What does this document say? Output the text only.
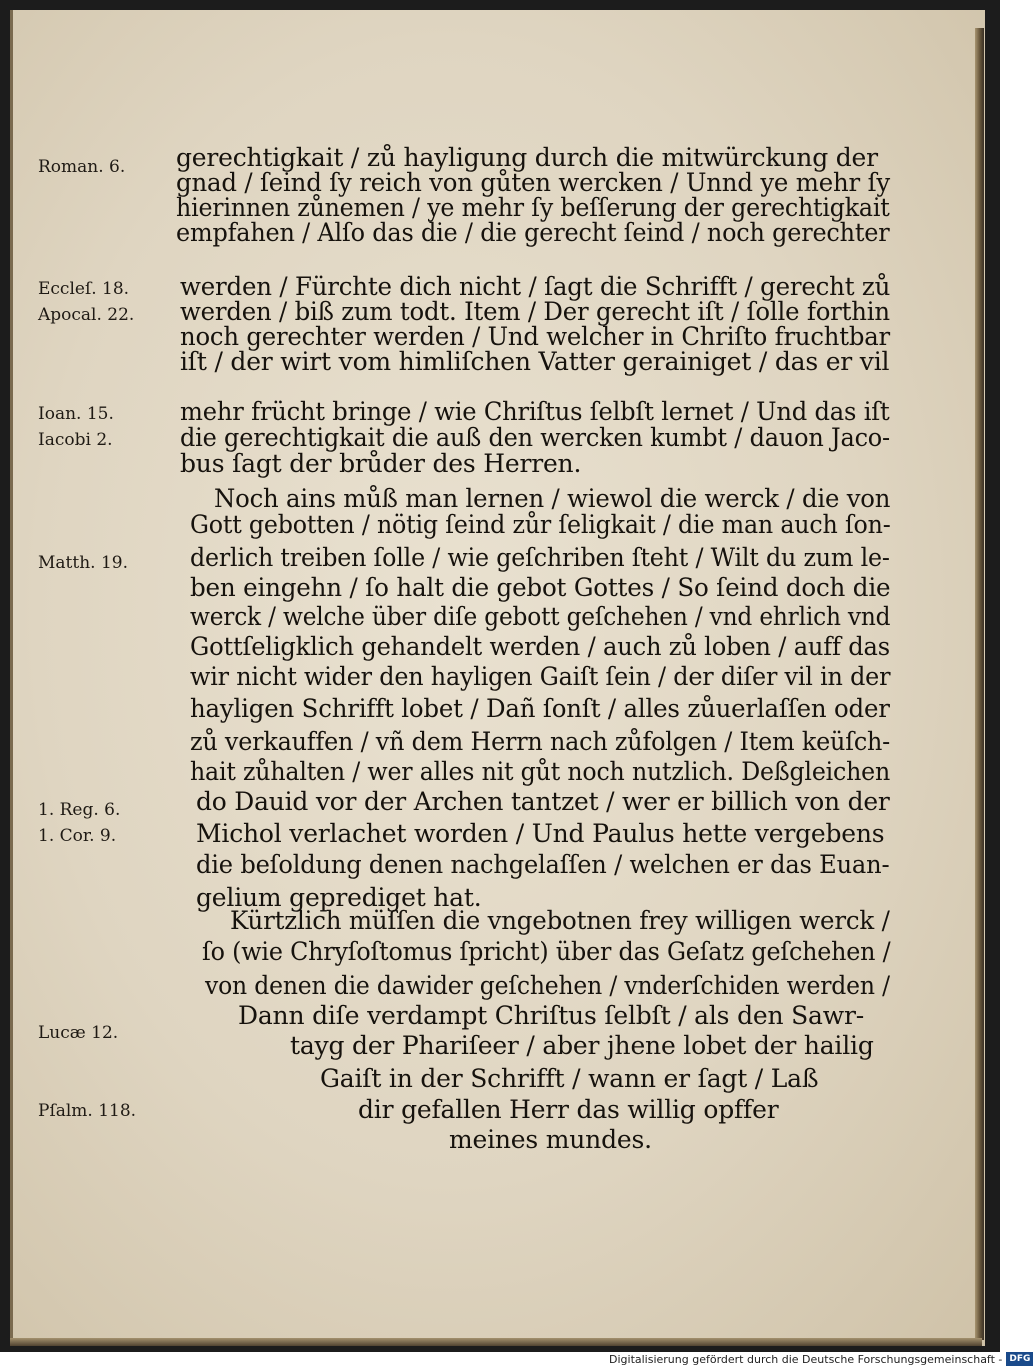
Roman. 6.
Eccleſ. 18.
Apocal. 22.
Ioan. 15.
Iacobi 2.
Matth. 19.
1. Reg. 6.
1. Cor. 9.
Lucæ 12.
Pſalm. 118.
gerechtigkait / zů hayligung durch die mitwürckung der
gnad / ſeind ſy reich von gůten wercken / Unnd ye mehr ſy
hierinnen zůnemen / ye mehr ſy beſſerung der gerechtigkait
empfahen / Alſo das die / die gerecht ſeind / noch gerechter
werden / Fürchte dich nicht / ſagt die Schrifft / gerecht zů
werden / biß zum todt. Item / Der gerecht iſt / ſolle forthin
noch gerechter werden / Und welcher in Chriſto fruchtbar
iſt / der wirt vom himliſchen Vatter gerainiget / das er vil
mehr frücht bringe / wie Chriſtus ſelbſt lernet / Und das iſt
die gerechtigkait die auß den wercken kumbt / dauon Jaco-
bus ſagt der brůder des Herren.
Noch ains můß man lernen / wiewol die werck / die von
Gott gebotten / nötig ſeind zůr ſeligkait / die man auch ſon-
derlich treiben ſolle / wie geſchriben ſteht / Wilt du zum le-
ben eingehn / ſo halt die gebot Gottes / So ſeind doch die
werck / welche über diſe gebott geſchehen / vnd ehrlich vnd
Gottſeligklich gehandelt werden / auch zů loben / auff das
wir nicht wider den hayligen Gaiſt ſein / der diſer vil in der
hayligen Schrifft lobet / Dañ ſonſt / alles zůuerlaſſen oder
zů verkauffen / vñ dem Herrn nach zůfolgen / Item keüſch-
hait zůhalten / wer alles nit gůt noch nutzlich. Deßgleichen
do Dauid vor der Archen tantzet / wer er billich von der
Michol verlachet worden / Und Paulus hette vergebens
die beſoldung denen nachgelaſſen / welchen er das Euan-
gelium geprediget hat.
Kürtzlich müſſen die vngebotnen frey willigen werck /
ſo (wie Chryſoſtomus ſpricht) über das Geſatz geſchehen /
von denen die dawider geſchehen / vnderſchiden werden /
Dann diſe verdampt Chriſtus ſelbſt / als den Sawr-
tayg der Phariſeer / aber jhene lobet der hailig
Gaiſt in der Schrifft / wann er ſagt / Laß
dir gefallen Herr das willig opffer
meines mundes.
Digitalisierung gefördert durch die Deutsche Forschungsgemeinschaft - DFG
